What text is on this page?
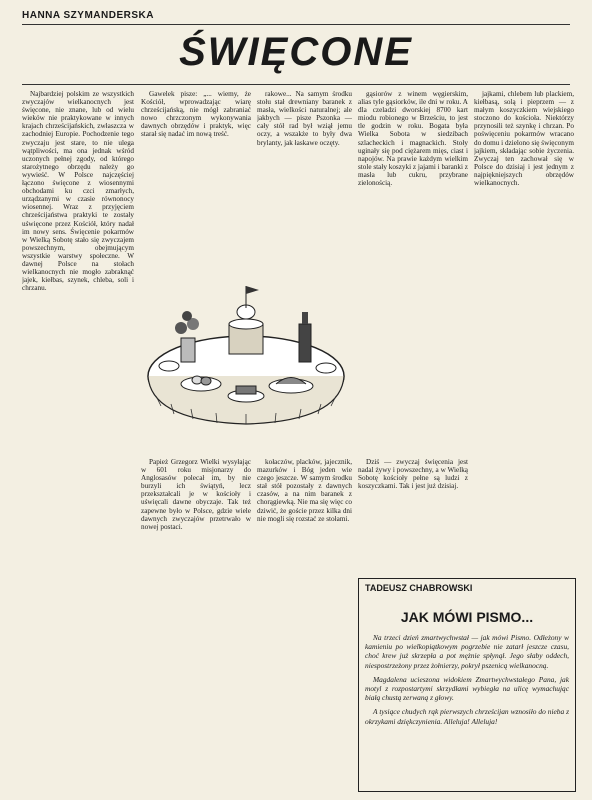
HANNA SZYMANDERSKA
ŚWIĘCONE

Najbardziej polskim ze wszystkich zwyczajów wielkanocnych jest święcone, nie znane, lub od wielu wieków nie praktykowane w innych krajach chrześcijańskich, zwłaszcza w zachodniej Europie. Pochodzenie tego zwyczaju jest stare, to nie ulega wątpliwości, ma ona jednak wśród uczonych pełnej zgody, od którego starożytnego obrzędu należy go wywieść. W Polsce najczęściej łączono święcone z wiosennymi obchodami ku czci zmarłych, urządzanymi w czasie równonocy wiosennej. Wraz z przyjęciem chrześcijaństwa praktyki te zostały uświęcone przez Kościół, który nadał im nowy sens. Święcenie pokarmów w Wielką Sobotę stało się zwyczajem powszechnym, obejmującym wszystkie warstwy społeczne. W dawnej Polsce na stołach wielkanocnych nie mogło zabraknąć jajek, kiełbas, szynek, chleba, soli i chrzanu.

Gawelek pisze: „... wiemy, że Kościół, wprowadzając wiarę chrześcijańską, nie mógł zabraniać nowo chrzczonym wykonywania dawnych obrzędów i praktyk, więc starał się nadać im nową treść.

rakowe... Na samym środku stołu stał drewniany baranek z masła, wielkości naturalnej; ale jakbych — pisze Pszonka — cały stół rad był wziął jemu oczy, a wszakże to były dwa brylanty, jak łaskawe oczęty.

gąsiorów z winem węgierskim, alias tyle gąsiorków, ile dni w roku. A dla czeladzi dworskiej 8700 kart miodu robionego w Brześciu, to jest tle godzin w roku. Bogata była Wielka Sobota w siedzibach szlacheckich i magnackich. Stoły uginały się pod ciężarem mięs, ciast i napojów. Na prawie każdym wielkim stole stały koszyki z jajami i baranki z masła lub cukru, przybrane zielonością.

jajkami, chlebem lub plackiem, kiełbasą, solą i pieprzem — z małym koszyczkiem wiejskiego stoczono do kościoła. Niektórzy przynosili też szynkę i chrzan. Po poświęceniu pokarmów wracano do domu i dzielono się święconym jajkiem, składając sobie życzenia. Zwyczaj ten zachował się w Polsce do dzisiaj i jest jednym z najpiękniejszych obrzędów wielkanocnych.

Papież Grzegorz Wielki wysyłając w 601 roku misjonarzy do Anglosasów polecał im, by nie burzyli ich świątyń, lecz przekształcali je w kościoły i uświęcali dawne obyczaje. Tak też zapewne było w Polsce, gdzie wiele dawnych zwyczajów przetrwało w nowej postaci.

kołaczów, placków, jajecznik, mazurków i Bóg jeden wie czego jeszcze. W samym środku stał stół pozostały z dawnych czasów, a na nim baranek z chorągiewką. Nie ma się więc co dziwić, że goście przez kilka dni nie mogli się rozstać ze stołami.

Dziś — zwyczaj święcenia jest nadal żywy i powszechny, a w Wielką Sobotę kościoły pełne są ludzi z koszyczkami. Tak i jest już dzisiaj.

TADEUSZ CHABROWSKI
JAK MÓWI PISMO...

Na trzeci dzień zmartwychwstał — jak mówi Pismo. Odłeżony w kamieniu po wielkopiątkowym pogrzebie nie zatarł jeszcze czasu, choć krew już skrzepła a pot mężnie spłynął. Jego słaby oddech, niespostrzeżony przez żołnierzy, pokrył pszenicą wielkanocną.

Magdalena ucieszona widokiem Zmartwychwstałego Pana, jak motyl z rozpostartymi skrzydłami wybiegła na ulicę wymachując białą chustą zerwaną z głowy.

A tysiące chudych rąk pierwszych chrześcijan wznosiło do nieba z okrzykami dziękczynienia. Alleluja! Alleluja!
